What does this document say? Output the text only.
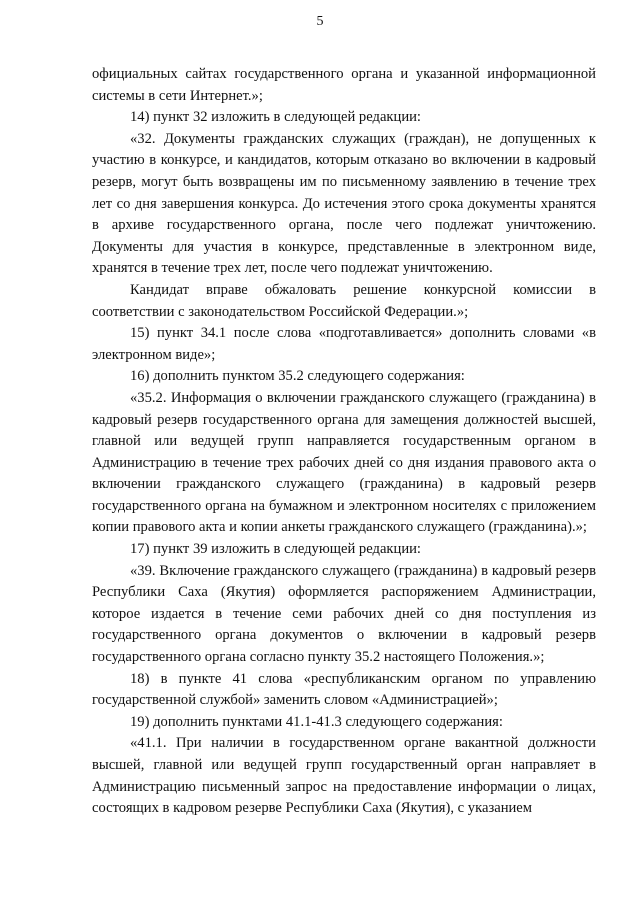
5

официальных сайтах государственного органа и указанной информационной системы в сети Интернет.»;

14) пункт 32 изложить в следующей редакции:

«32. Документы гражданских служащих (граждан), не допущенных к участию в конкурсе, и кандидатов, которым отказано во включении в кадровый резерв, могут быть возвращены им по письменному заявлению в течение трех лет со дня завершения конкурса. До истечения этого срока документы хранятся в архиве государственного органа, после чего подлежат уничтожению. Документы для участия в конкурсе, представленные в электронном виде, хранятся в течение трех лет, после чего подлежат уничтожению.

Кандидат вправе обжаловать решение конкурсной комиссии в соответствии с законодательством Российской Федерации.»;

15) пункт 34.1 после слова «подготавливается» дополнить словами «в электронном виде»;

16) дополнить пунктом 35.2 следующего содержания:

«35.2. Информация о включении гражданского служащего (гражданина) в кадровый резерв государственного органа для замещения должностей высшей, главной или ведущей групп направляется государственным органом в Администрацию в течение трех рабочих дней со дня издания правового акта о включении гражданского служащего (гражданина) в кадровый резерв государственного органа на бумажном и электронном носителях с приложением копии правового акта и копии анкеты гражданского служащего (гражданина).»;

17) пункт 39 изложить в следующей редакции:

«39. Включение гражданского служащего (гражданина) в кадровый резерв Республики Саха (Якутия) оформляется распоряжением Администрации, которое издается в течение семи рабочих дней со дня поступления из государственного органа документов о включении в кадровый резерв государственного органа согласно пункту 35.2 настоящего Положения.»;

18) в пункте 41 слова «республиканским органом по управлению государственной службой» заменить словом «Администрацией»;

19) дополнить пунктами 41.1-41.3 следующего содержания:

«41.1. При наличии в государственном органе вакантной должности высшей, главной или ведущей групп государственный орган направляет в Администрацию письменный запрос на предоставление информации о лицах, состоящих в кадровом резерве Республики Саха (Якутия), с указанием
